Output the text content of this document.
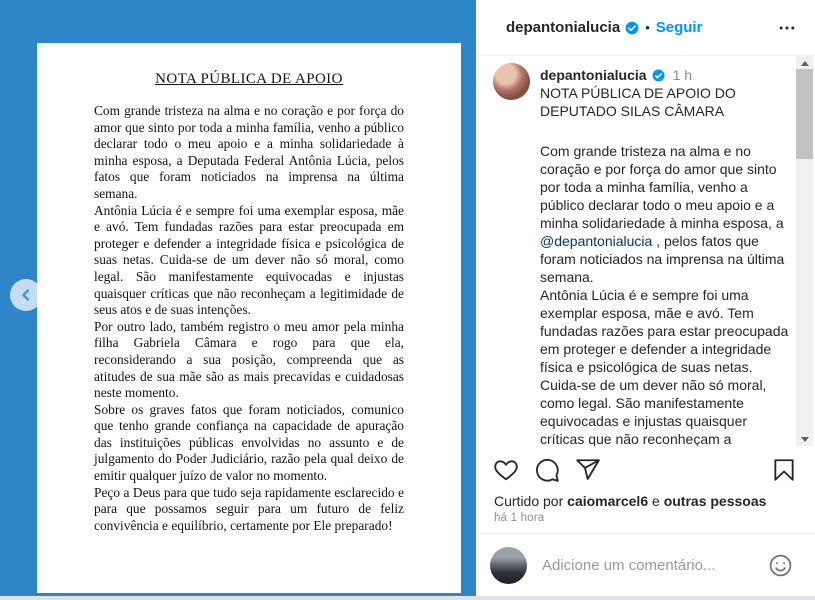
NOTA PÚBLICA DE APOIO

Com grande tristeza na alma e no coração e por força do amor que sinto por toda a minha família, venho a público declarar todo o meu apoio e a minha solidariedade à minha esposa, a Deputada Federal Antônia Lúcia, pelos fatos que foram noticiados na imprensa na última semana.

Antônia Lúcia é e sempre foi uma exemplar esposa, mãe e avó. Tem fundadas razões para estar preocupada em proteger e defender a integridade física e psicológica de suas netas. Cuida-se de um dever não só moral, como legal. São manifestamente equivocadas e injustas quaisquer críticas que não reconheçam a legitimidade de seus atos e de suas intenções.

Por outro lado, também registro o meu amor pela minha filha Gabriela Câmara e rogo para que ela, reconsiderando a sua posição, compreenda que as atitudes de sua mãe são as mais precavidas e cuidadosas neste momento.

Sobre os graves fatos que foram noticiados, comunico que tenho grande confiança na capacidade de apuração das instituições públicas envolvidas no assunto e de julgamento do Poder Judiciário, razão pela qual deixo de emitir qualquer juízo de valor no momento.

Peço a Deus para que tudo seja rapidamente esclarecido e para que possamos seguir para um futuro de feliz convivência e equilíbrio, certamente por Ele preparado!

depantonialucia • Seguir
depantonialucia 1 h
NOTA PÚBLICA DE APOIO DO
DEPUTADO SILAS CÂMARA
Com grande tristeza na alma e no coração e por força do amor que sinto por toda a minha família, venho a público declarar todo o meu apoio e a minha solidariedade à minha esposa, a @depantonialucia , pelos fatos que foram noticiados na imprensa na última semana.
Antônia Lúcia é e sempre foi uma exemplar esposa, mãe e avó. Tem fundadas razões para estar preocupada em proteger e defender a integridade física e psicológica de suas netas. Cuida-se de um dever não só moral, como legal. São manifestamente equivocadas e injustas quaisquer críticas que não reconheçam a
Curtido por caiomarcel6 e outras pessoas
há 1 hora
Adicione um comentário...
